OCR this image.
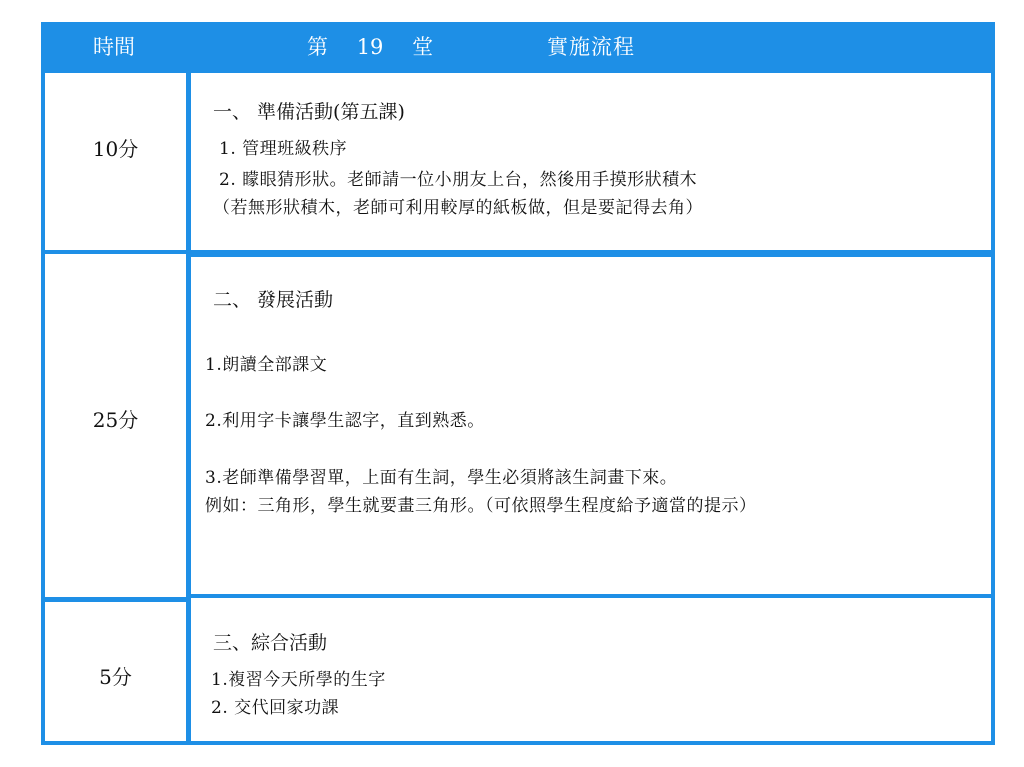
時間	第 19 堂	實施流程
10分
一、 準備活動(第五課)
1. 管理班級秩序
2. 矇眼猜形狀。老師請一位小朋友上台，然後用手摸形狀積木
（若無形狀積木，老師可利用較厚的紙板做，但是要記得去角）
25分
二、 發展活動
1.朗讀全部課文
2.利用字卡讓學生認字，直到熟悉。
3.老師準備學習單，上面有生詞，學生必須將該生詞畫下來。
例如：三角形，學生就要畫三角形。（可依照學生程度給予適當的提示）
5分
三、綜合活動
1.複習今天所學的生字
2. 交代回家功課
